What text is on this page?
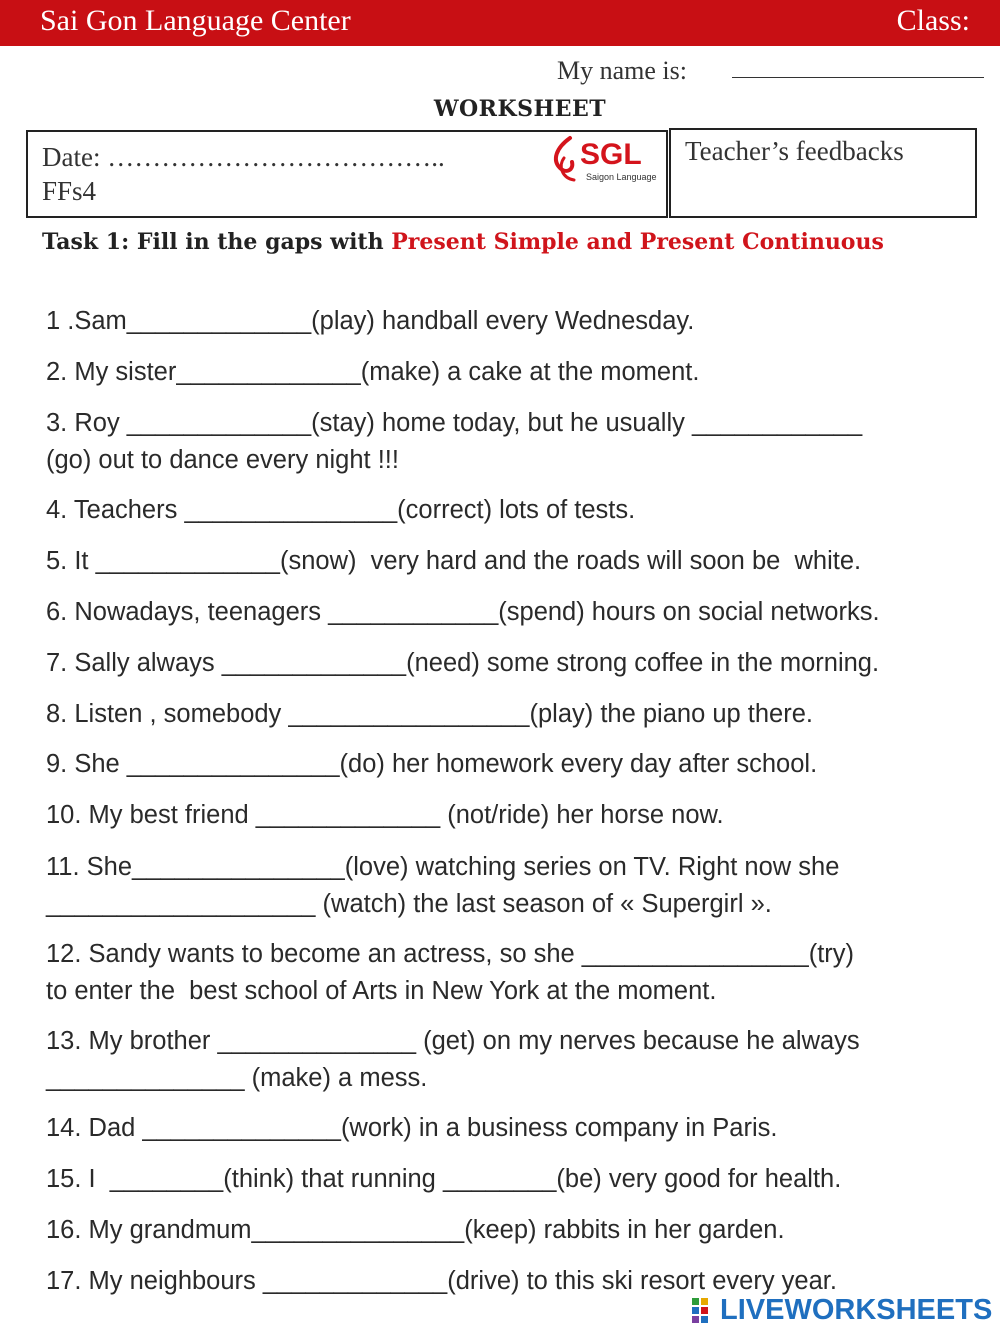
Sai Gon Language Center	Class:
My name is:
WORKSHEET
Date: ………………………………..
FFs4
SGL
Saigon Language
Teacher’s feedbacks
Task 1: Fill in the gaps with Present Simple and Present Continuous
1 .Sam_____________(play) handball every Wednesday.
2. My sister_____________(make) a cake at the moment.
3. Roy _____________(stay) home today, but he usually ____________
(go) out to dance every night !!!
4. Teachers _______________(correct) lots of tests.
5. It _____________(snow)  very hard and the roads will soon be  white.
6. Nowadays, teenagers ____________(spend) hours on social networks.
7. Sally always _____________(need) some strong coffee in the morning.
8. Listen , somebody _________________(play) the piano up there.
9. She _______________(do) her homework every day after school.
10. My best friend _____________ (not/ride) her horse now.
11. She_______________(love) watching series on TV. Right now she
___________________ (watch) the last season of « Supergirl ».
12. Sandy wants to become an actress, so she ________________(try)
to enter the  best school of Arts in New York at the moment.
13. My brother ______________ (get) on my nerves because he always
______________ (make) a mess.
14. Dad ______________(work) in a business company in Paris.
15. I  ________(think) that running ________(be) very good for health.
16. My grandmum_______________(keep) rabbits in her garden.
17. My neighbours _____________(drive) to this ski resort every year.
LIVEWORKSHEETS
